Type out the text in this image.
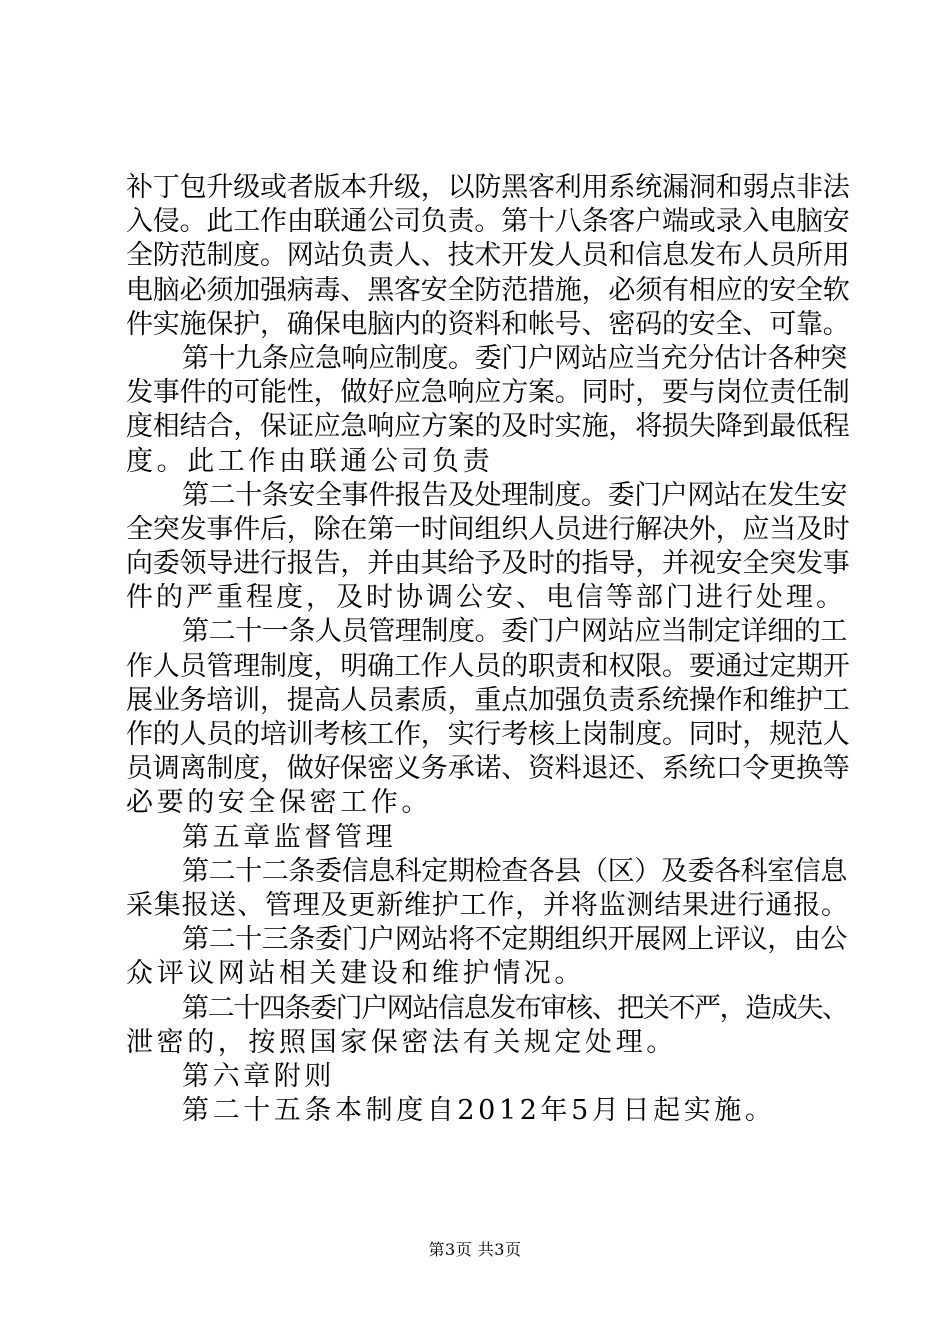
补丁包升级或者版本升级，以防黑客利用系统漏洞和弱点非法
入侵。此工作由联通公司负责。第十八条客户端或录入电脑安
全防范制度。网站负责人、技术开发人员和信息发布人员所用
电脑必须加强病毒、黑客安全防范措施，必须有相应的安全软
件实施保护，确保电脑内的资料和帐号、密码的安全、可靠。
第十九条应急响应制度。委门户网站应当充分估计各种突
发事件的可能性，做好应急响应方案。同时，要与岗位责任制
度相结合，保证应急响应方案的及时实施，将损失降到最低程
度。此工作由联通公司负责
第二十条安全事件报告及处理制度。委门户网站在发生安
全突发事件后，除在第一时间组织人员进行解决外，应当及时
向委领导进行报告，并由其给予及时的指导，并视安全突发事
件的严重程度，及时协调公安、电信等部门进行处理。
第二十一条人员管理制度。委门户网站应当制定详细的工
作人员管理制度，明确工作人员的职责和权限。要通过定期开
展业务培训，提高人员素质，重点加强负责系统操作和维护工
作的人员的培训考核工作，实行考核上岗制度。同时，规范人
员调离制度，做好保密义务承诺、资料退还、系统口令更换等
必要的安全保密工作。
第五章监督管理
第二十二条委信息科定期检查各县（区）及委各科室信息
采集报送、管理及更新维护工作，并将监测结果进行通报。
第二十三条委门户网站将不定期组织开展网上评议，由公
众评议网站相关建设和维护情况。
第二十四条委门户网站信息发布审核、把关不严，造成失、
泄密的，按照国家保密法有关规定处理。
第六章附则
第二十五条本制度自2012年5月日起实施。
第3页 共3页
